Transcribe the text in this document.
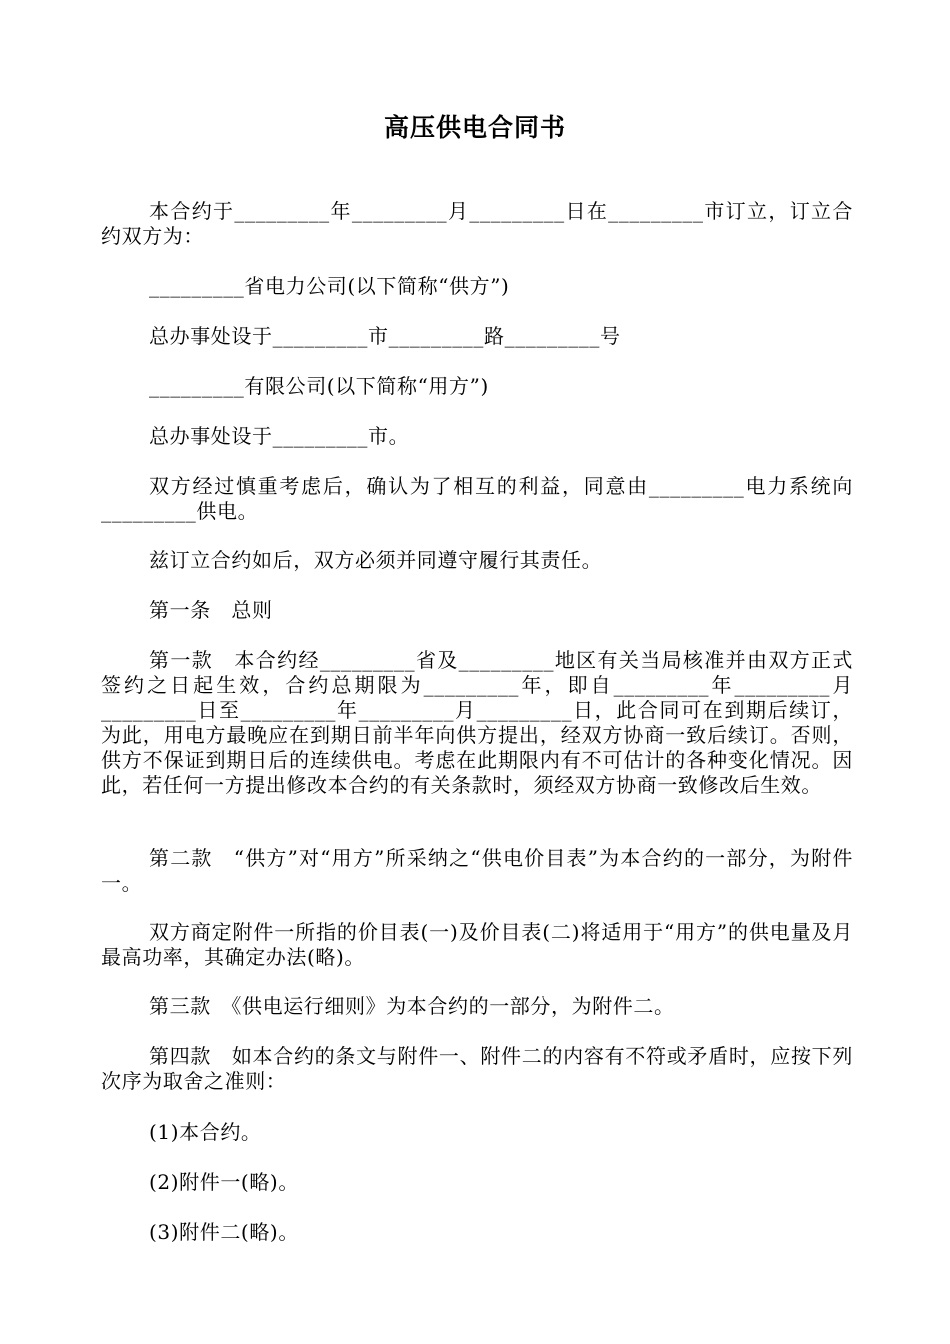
高压供电合同书

本合约于_________年_________月_________日在_________市订立，订立合约双方为：

_________省电力公司(以下简称“供方”)

总办事处设于_________市_________路_________号

_________有限公司(以下简称“用方”)

总办事处设于_________市。

双方经过慎重考虑后，确认为了相互的利益，同意由_________电力系统向_________供电。

兹订立合约如后，双方必须并同遵守履行其责任。

第一条　总则

第一款　本合约经_________省及_________地区有关当局核准并由双方正式签约之日起生效，合约总期限为_________年，即自_________年_________月_________日至_________年_________月_________日，此合同可在到期后续订，为此，用电方最晚应在到期日前半年向供方提出，经双方协商一致后续订。否则，供方不保证到期日后的连续供电。考虑在此期限内有不可估计的各种变化情况。因此，若任何一方提出修改本合约的有关条款时，须经双方协商一致修改后生效。

第二款　“供方”对“用方”所采纳之“供电价目表”为本合约的一部分，为附件一。

双方商定附件一所指的价目表(一)及价目表(二)将适用于“用方”的供电量及月最高功率，其确定办法(略)。

第三款　《供电运行细则》为本合约的一部分，为附件二。

第四款　如本合约的条文与附件一、附件二的内容有不符或矛盾时，应按下列次序为取舍之准则：

(1)本合约。

(2)附件一(略)。

(3)附件二(略)。
